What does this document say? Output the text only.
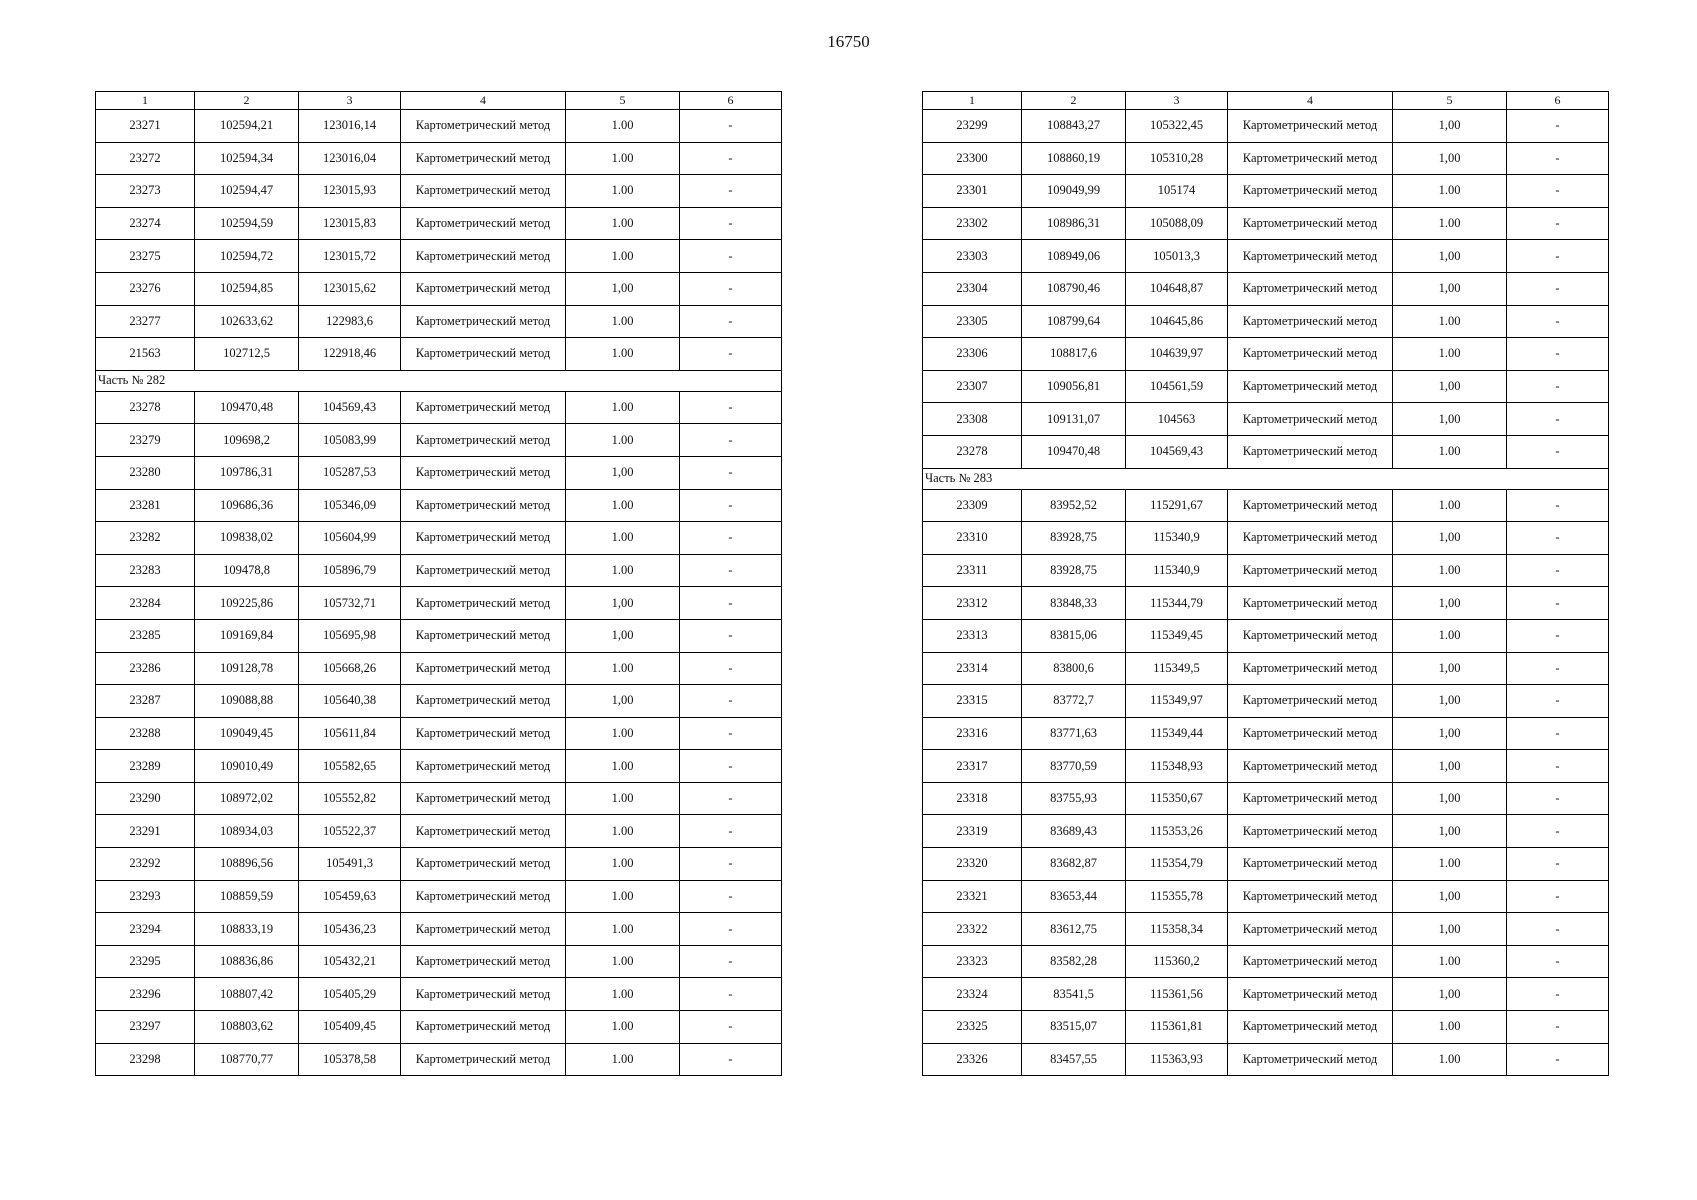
16750
1	2	3	4	5	6
23271	102594,21	123016,14	Картометрический метод	1.00	-
23272	102594,34	123016,04	Картометрический метод	1.00	-
23273	102594,47	123015,93	Картометрический метод	1.00	-
23274	102594,59	123015,83	Картометрический метод	1.00	-
23275	102594,72	123015,72	Картометрический метод	1.00	-
23276	102594,85	123015,62	Картометрический метод	1,00	-
23277	102633,62	122983,6	Картометрический метод	1.00	-
21563	102712,5	122918,46	Картометрический метод	1.00	-
Часть № 282					
23278	109470,48	104569,43	Картометрический метод	1.00	-
23279	109698,2	105083,99	Картометрический метод	1.00	-
23280	109786,31	105287,53	Картометрический метод	1,00	-
23281	109686,36	105346,09	Картометрический метод	1.00	-
23282	109838,02	105604,99	Картометрический метод	1.00	-
23283	109478,8	105896,79	Картометрический метод	1.00	-
23284	109225,86	105732,71	Картометрический метод	1,00	-
23285	109169,84	105695,98	Картометрический метод	1,00	-
23286	109128,78	105668,26	Картометрический метод	1.00	-
23287	109088,88	105640,38	Картометрический метод	1,00	-
23288	109049,45	105611,84	Картометрический метод	1.00	-
23289	109010,49	105582,65	Картометрический метод	1.00	-
23290	108972,02	105552,82	Картометрический метод	1.00	-
23291	108934,03	105522,37	Картометрический метод	1.00	-
23292	108896,56	105491,3	Картометрический метод	1.00	-
23293	108859,59	105459,63	Картометрический метод	1.00	-
23294	108833,19	105436,23	Картометрический метод	1.00	-
23295	108836,86	105432,21	Картометрический метод	1.00	-
23296	108807,42	105405,29	Картометрический метод	1.00	-
23297	108803,62	105409,45	Картометрический метод	1.00	-
23298	108770,77	105378,58	Картометрический метод	1.00	-
1	2	3	4	5	6
23299	108843,27	105322,45	Картометрический метод	1,00	-
23300	108860,19	105310,28	Картометрический метод	1,00	-
23301	109049,99	105174	Картометрический метод	1.00	-
23302	108986,31	105088,09	Картометрический метод	1.00	-
23303	108949,06	105013,3	Картометрический метод	1,00	-
23304	108790,46	104648,87	Картометрический метод	1,00	-
23305	108799,64	104645,86	Картометрический метод	1.00	-
23306	108817,6	104639,97	Картометрический метод	1.00	-
23307	109056,81	104561,59	Картометрический метод	1,00	-
23308	109131,07	104563	Картометрический метод	1,00	-
23278	109470,48	104569,43	Картометрический метод	1.00	-
Часть № 283					
23309	83952,52	115291,67	Картометрический метод	1.00	-
23310	83928,75	115340,9	Картометрический метод	1,00	-
23311	83928,75	115340,9	Картометрический метод	1.00	-
23312	83848,33	115344,79	Картометрический метод	1,00	-
23313	83815,06	115349,45	Картометрический метод	1.00	-
23314	83800,6	115349,5	Картометрический метод	1,00	-
23315	83772,7	115349,97	Картометрический метод	1,00	-
23316	83771,63	115349,44	Картометрический метод	1,00	-
23317	83770,59	115348,93	Картометрический метод	1,00	-
23318	83755,93	115350,67	Картометрический метод	1,00	-
23319	83689,43	115353,26	Картометрический метод	1,00	-
23320	83682,87	115354,79	Картометрический метод	1.00	-
23321	83653,44	115355,78	Картометрический метод	1,00	-
23322	83612,75	115358,34	Картометрический метод	1,00	-
23323	83582,28	115360,2	Картометрический метод	1.00	-
23324	83541,5	115361,56	Картометрический метод	1,00	-
23325	83515,07	115361,81	Картометрический метод	1.00	-
23326	83457,55	115363,93	Картометрический метод	1.00	-
